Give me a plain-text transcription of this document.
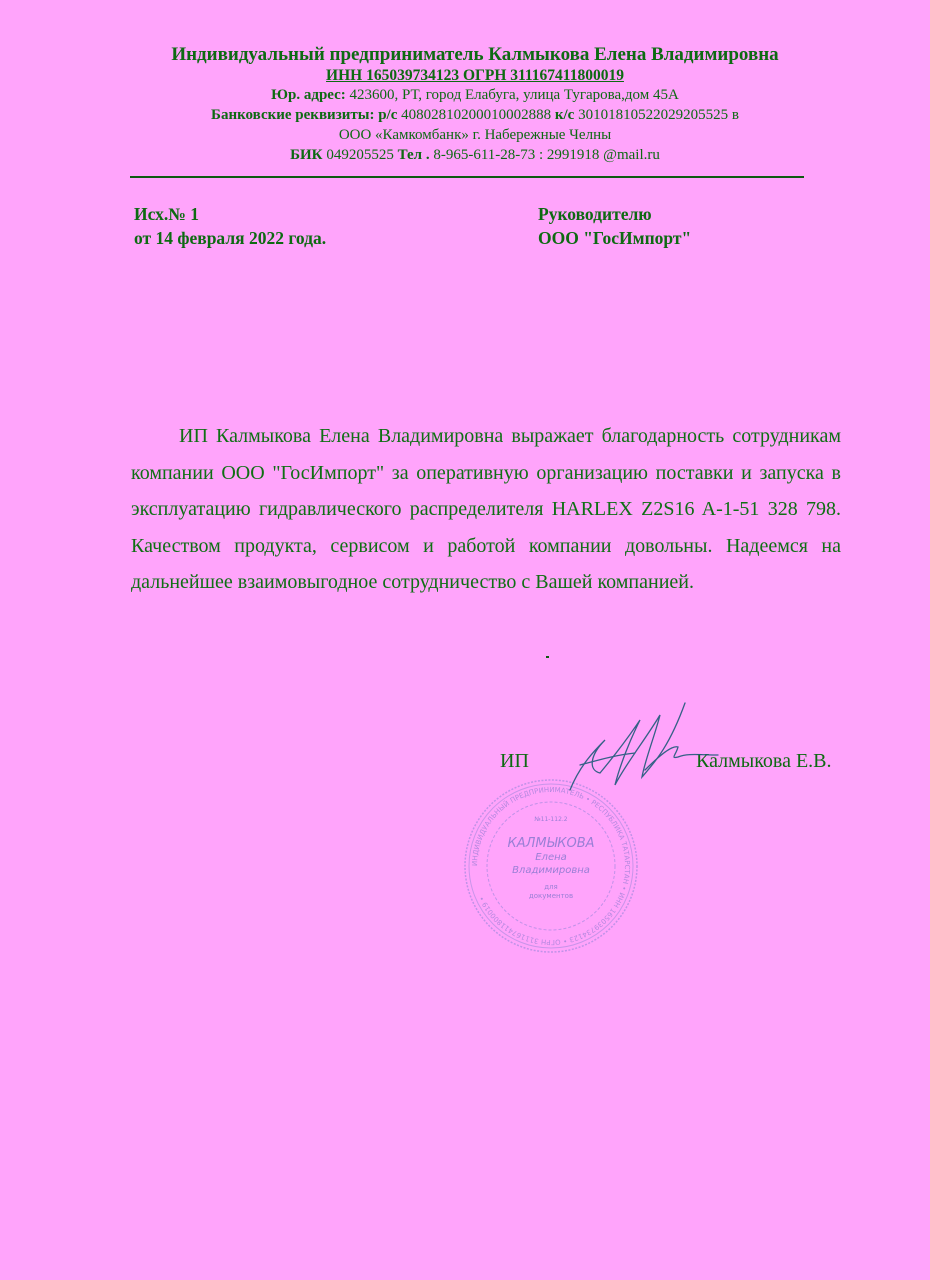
Индивидуальный предприниматель Калмыкова Елена Владимировна
ИНН 165039734123 ОГРН 311167411800019
Юр. адрес: 423600, РТ, город Елабуга, улица Тугарова,дом 45А
Банковские реквизиты: р/с 40802810200010002888 к/с 30101810522029205525 в
ООО «Камкомбанк» г. Набережные Челны
БИК 049205525 Тел . 8-965-611-28-73 : 2991918 @mail.ru
Исх.№ 1
от 14 февраля 2022 года.
Руководителю
ООО "ГосИмпорт"
ИП Калмыкова Елена Владимировна выражает благодарность сотрудникам компании ООО "ГосИмпорт" за оперативную организацию поставки и запуска в эксплуатацию гидравлического распределителя HARLEX Z2S16 A-1-51 328 798. Качеством продукта, сервисом и работой компании довольны. Надеемся на дальнейшее взаимовыгодное сотрудничество с Вашей компанией.
ИП	Калмыкова Е.В.
ИНДИВИДУАЛЬНЫЙ ПРЕДПРИНИМАТЕЛЬ • РЕСПУБЛИКА ТАТАРСТАН • ИНН 165039734123 • ОГРН 311167411800019 •
№11-112.2
КАЛМЫКОВА
Елена
Владимировна
для
документов
